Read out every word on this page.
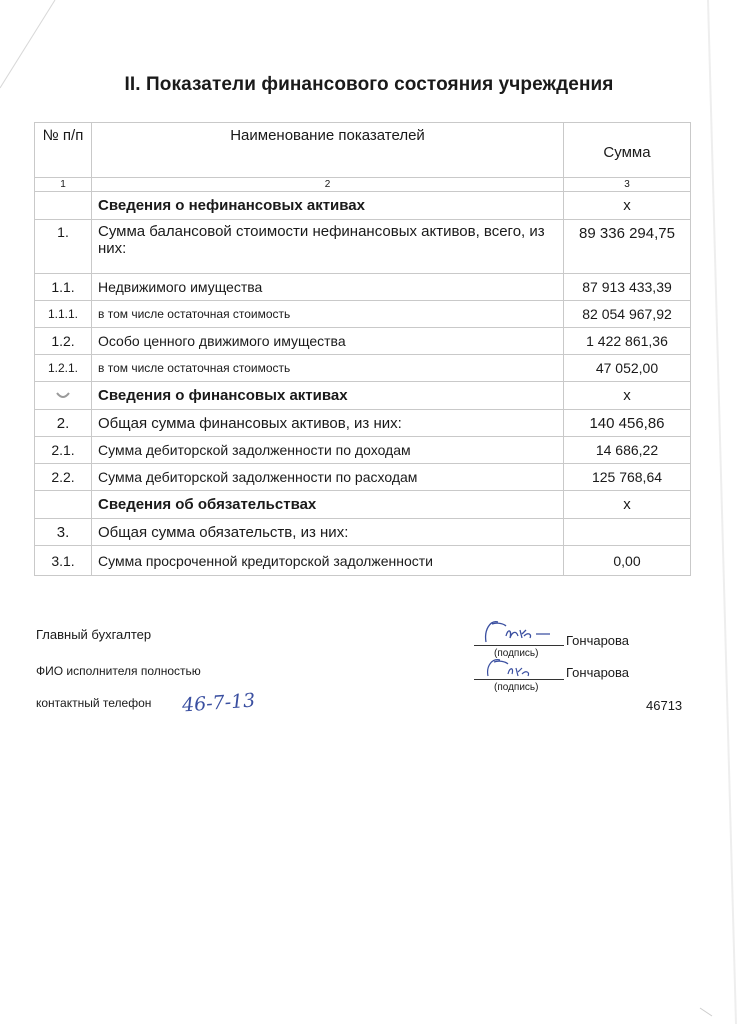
II. Показатели финансового состояния учреждения
№ п/п	Наименование показателей	Сумма
1	2	3
	Сведения о нефинансовых активах	x
1.	Сумма балансовой стоимости нефинансовых активов, всего, из них:	89 336 294,75
1.1.	Недвижимого имущества	87 913 433,39
1.1.1.	в том числе остаточная стоимость	82 054 967,92
1.2.	Особо ценного движимого имущества	1 422 861,36
1.2.1.	в том числе остаточная стоимость	47 052,00
	Сведения о финансовых активах	x
2.	Общая сумма финансовых активов, из них:	140 456,86
2.1.	Сумма дебиторской задолженности по доходам	14 686,22
2.2.	Сумма дебиторской задолженности по расходам	125 768,64
	Сведения об обязательствах	x
3.	Общая сумма обязательств, из них:	
3.1.	Сумма просроченной кредиторской задолженности	0,00
Главный бухгалтер	Гончарова
(подпись)
ФИО исполнителя полностью	Гончарова
(подпись)
контактный телефон 46-7-13	46713
